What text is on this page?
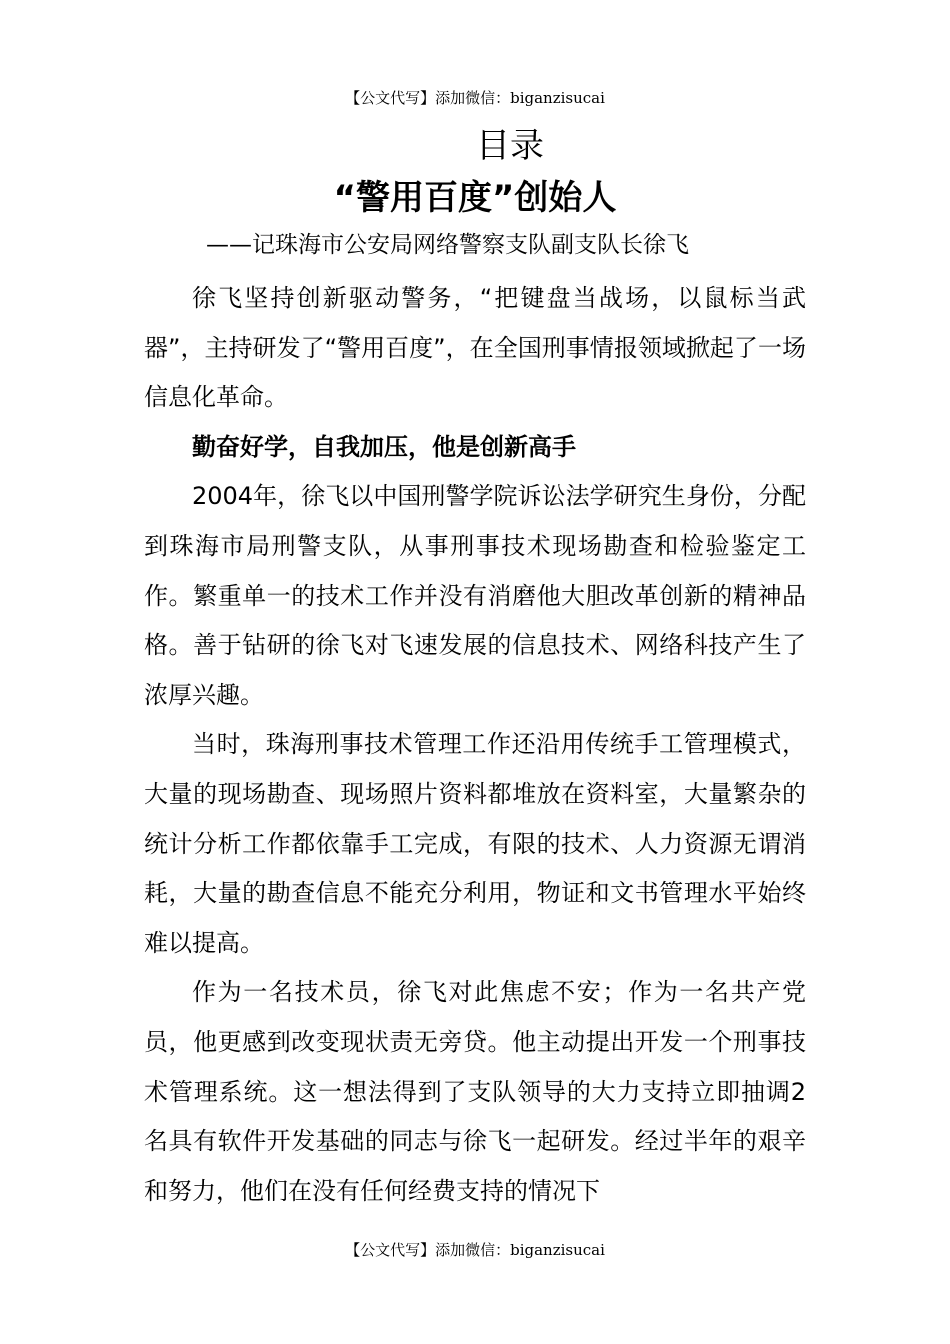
【公文代写】添加微信：biganzisucai
目录
“警用百度”创始人
——记珠海市公安局网络警察支队副支队长徐飞

徐飞坚持创新驱动警务，“把键盘当战场，以鼠标当武器”，主持研发了“警用百度”，在全国刑事情报领域掀起了一场信息化革命。

勤奋好学，自我加压，他是创新高手

2004年，徐飞以中国刑警学院诉讼法学研究生身份，分配到珠海市局刑警支队，从事刑事技术现场勘查和检验鉴定工作。繁重单一的技术工作并没有消磨他大胆改革创新的精神品格。善于钻研的徐飞对飞速发展的信息技术、网络科技产生了浓厚兴趣。

当时，珠海刑事技术管理工作还沿用传统手工管理模式，大量的现场勘查、现场照片资料都堆放在资料室，大量繁杂的统计分析工作都依靠手工完成，有限的技术、人力资源无谓消耗，大量的勘查信息不能充分利用，物证和文书管理水平始终难以提高。

作为一名技术员，徐飞对此焦虑不安；作为一名共产党员，他更感到改变现状责无旁贷。他主动提出开发一个刑事技术管理系统。这一想法得到了支队领导的大力支持立即抽调2名具有软件开发基础的同志与徐飞一起研发。经过半年的艰辛和努力，他们在没有任何经费支持的情况下

【公文代写】添加微信：biganzisucai
